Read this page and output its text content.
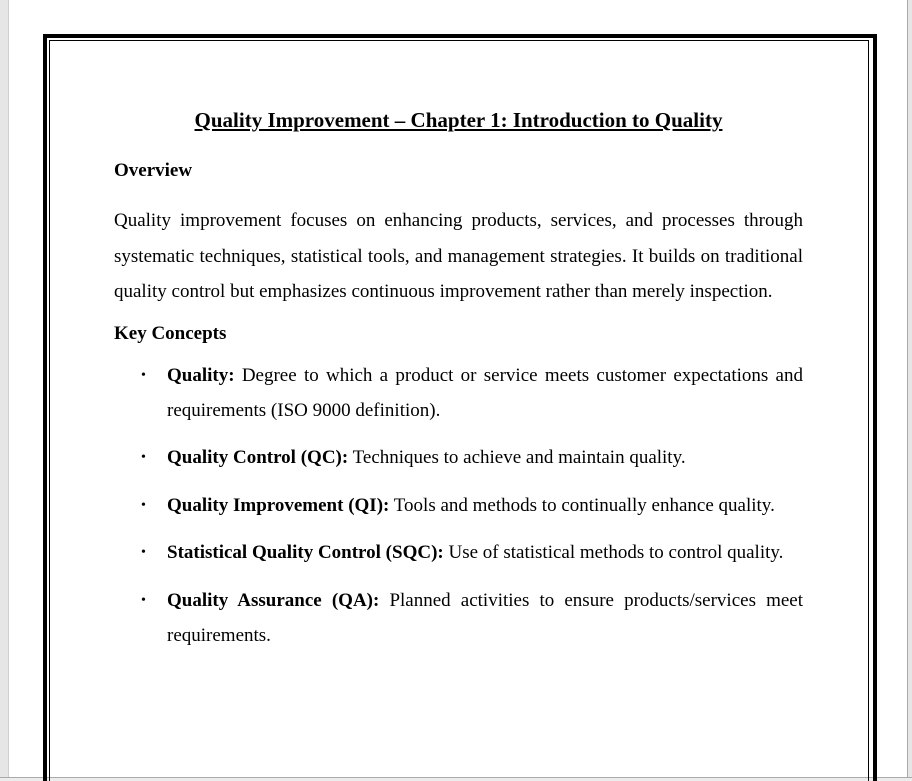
Quality Improvement – Chapter 1: Introduction to Quality
Overview

Quality improvement focuses on enhancing products, services, and processes through systematic techniques, statistical tools, and management strategies. It builds on traditional quality control but emphasizes continuous improvement rather than merely inspection.

Key Concepts
• Quality: Degree to which a product or service meets customer expectations and requirements (ISO 9000 definition).
• Quality Control (QC): Techniques to achieve and maintain quality.
• Quality Improvement (QI): Tools and methods to continually enhance quality.
• Statistical Quality Control (SQC): Use of statistical methods to control quality.
• Quality Assurance (QA): Planned activities to ensure products/services meet requirements.
